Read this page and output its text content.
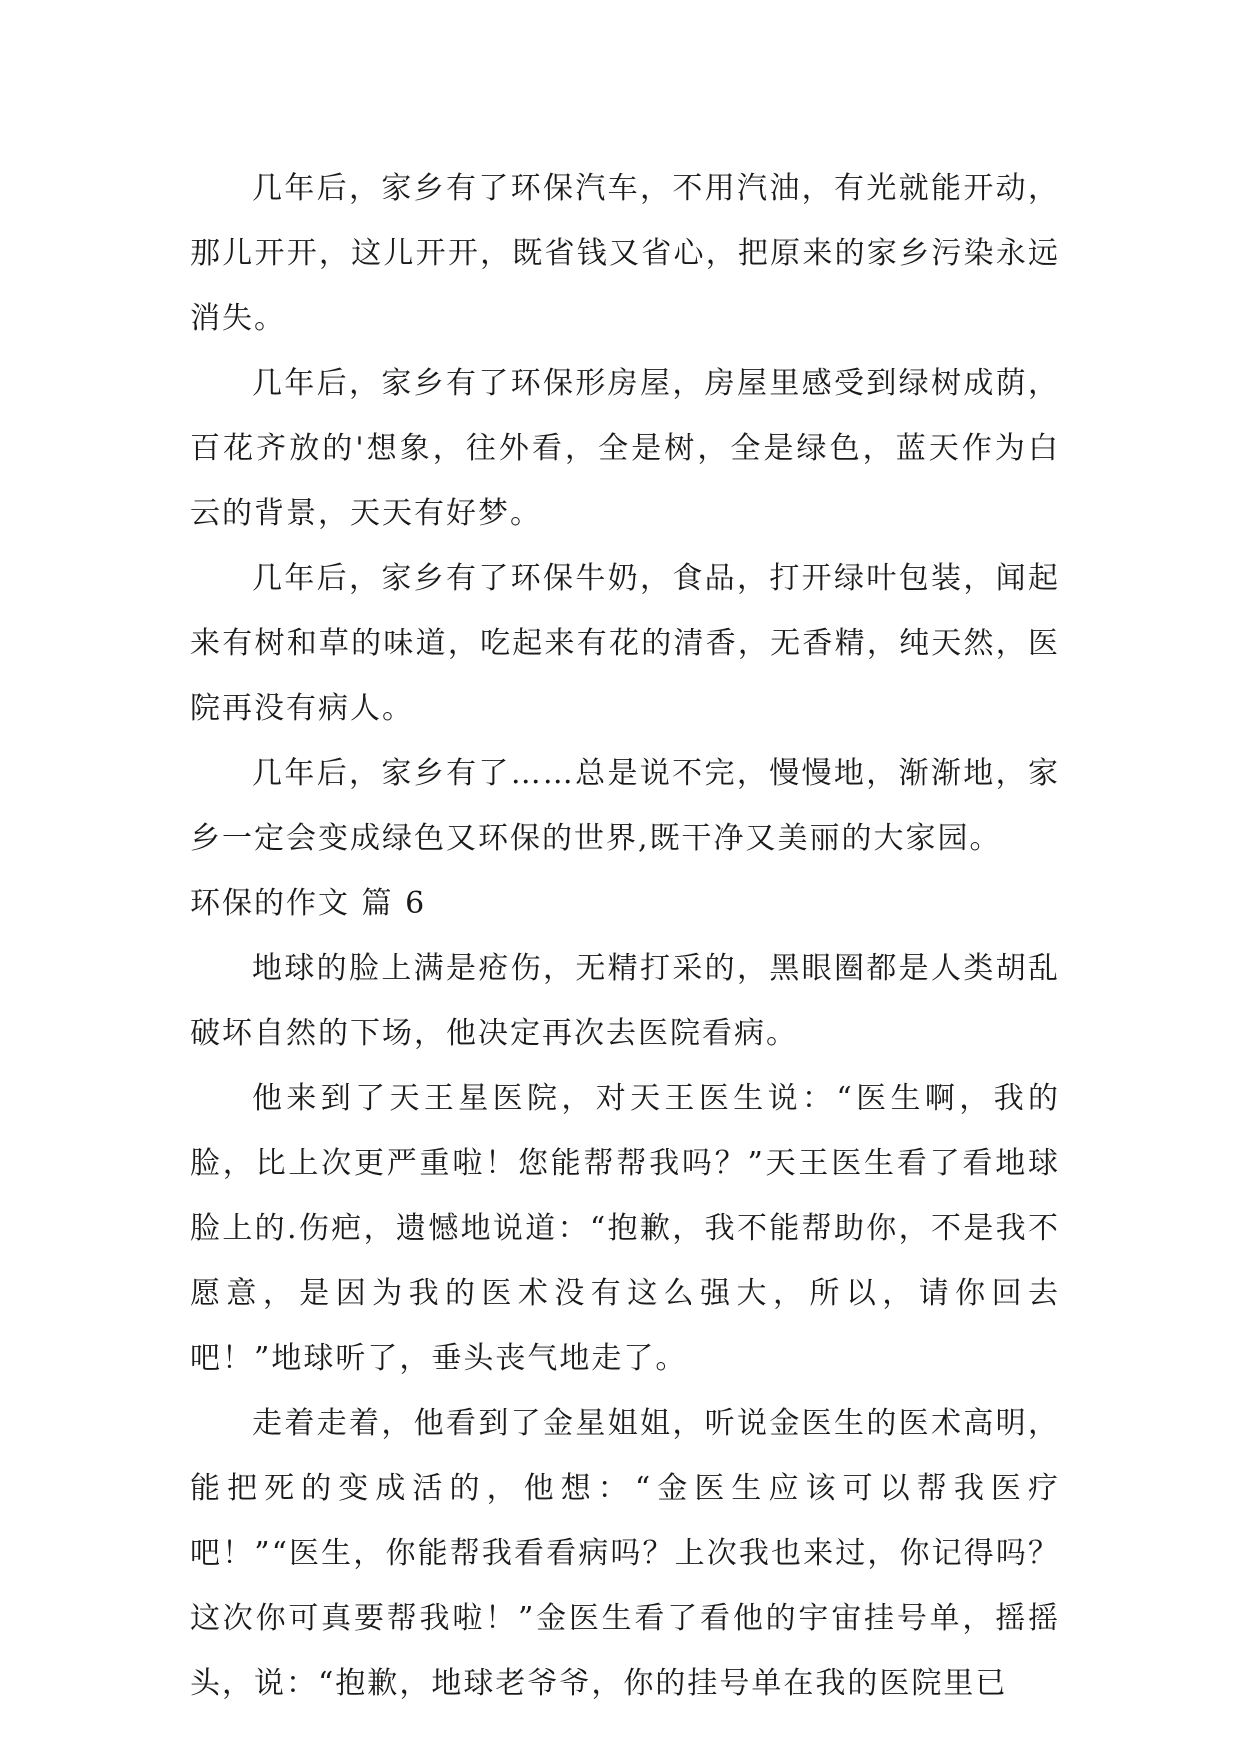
几年后，家乡有了环保汽车，不用汽油，有光就能开动，那儿开开，这儿开开，既省钱又省心，把原来的家乡污染永远消失。

几年后，家乡有了环保形房屋，房屋里感受到绿树成荫，百花齐放的'想象，往外看，全是树，全是绿色，蓝天作为白云的背景，天天有好梦。

几年后，家乡有了环保牛奶，食品，打开绿叶包装，闻起来有树和草的味道，吃起来有花的清香，无香精，纯天然，医院再没有病人。

几年后，家乡有了……总是说不完，慢慢地，渐渐地，家乡一定会变成绿色又环保的世界,既干净又美丽的大家园。

环保的作文 篇 6

地球的脸上满是疮伤，无精打采的，黑眼圈都是人类胡乱破坏自然的下场，他决定再次去医院看病。

他来到了天王星医院，对天王医生说：“医生啊，我的脸，比上次更严重啦！您能帮帮我吗？”天王医生看了看地球脸上的.伤疤，遗憾地说道：“抱歉，我不能帮助你，不是我不愿意，是因为我的医术没有这么强大，所以，请你回去吧！”地球听了，垂头丧气地走了。

走着走着，他看到了金星姐姐，听说金医生的医术高明，能把死的变成活的，他想：“金医生应该可以帮我医疗吧！”“医生，你能帮我看看病吗？上次我也来过，你记得吗？这次你可真要帮我啦！”金医生看了看他的宇宙挂号单，摇摇头，说：“抱歉，地球老爷爷，你的挂号单在我的医院里已
